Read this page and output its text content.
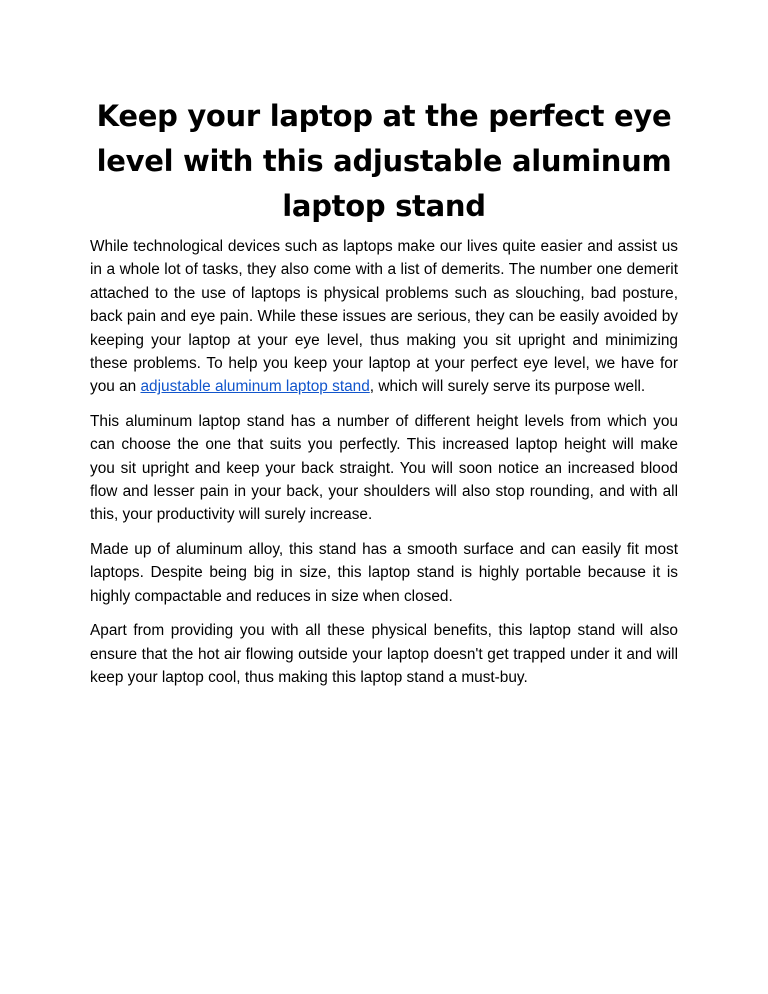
Keep your laptop at the perfect eye level with this adjustable aluminum laptop stand

While technological devices such as laptops make our lives quite easier and assist us in a whole lot of tasks, they also come with a list of demerits. The number one demerit attached to the use of laptops is physical problems such as slouching, bad posture, back pain and eye pain. While these issues are serious, they can be easily avoided by keeping your laptop at your eye level, thus making you sit upright and minimizing these problems. To help you keep your laptop at your perfect eye level, we have for you an adjustable aluminum laptop stand, which will surely serve its purpose well.

This aluminum laptop stand has a number of different height levels from which you can choose the one that suits you perfectly. This increased laptop height will make you sit upright and keep your back straight. You will soon notice an increased blood flow and lesser pain in your back, your shoulders will also stop rounding, and with all this, your productivity will surely increase.

Made up of aluminum alloy, this stand has a smooth surface and can easily fit most laptops. Despite being big in size, this laptop stand is highly portable because it is highly compactable and reduces in size when closed.

Apart from providing you with all these physical benefits, this laptop stand will also ensure that the hot air flowing outside your laptop doesn't get trapped under it and will keep your laptop cool, thus making this laptop stand a must-buy.
